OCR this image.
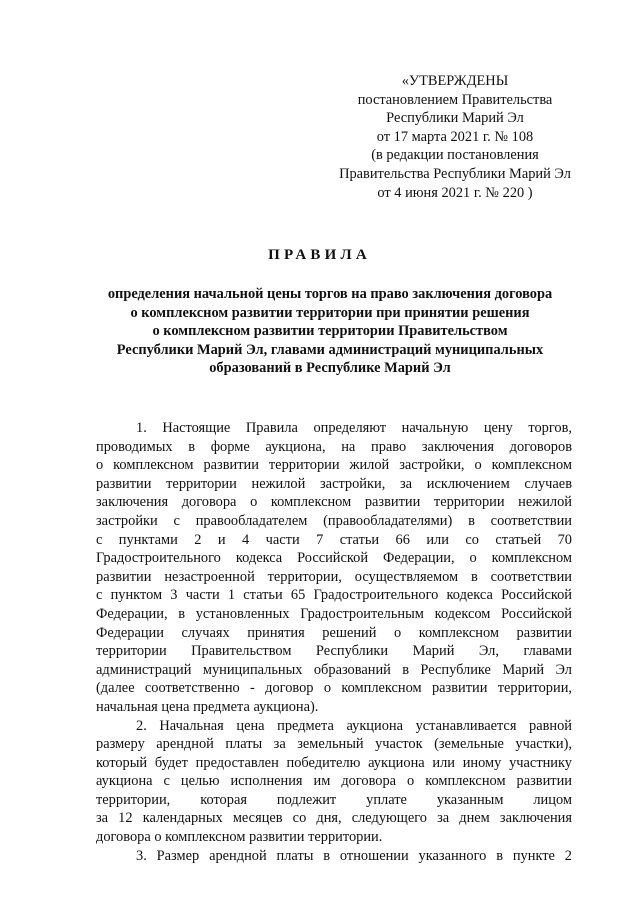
«УТВЕРЖДЕНЫ
постановлением Правительства
Республики Марий Эл
от 17 марта 2021 г. № 108
(в редакции постановления
Правительства Республики Марий Эл
от 4 июня 2021 г. № 220 )
ПРАВИЛА
определения начальной цены торгов на право заключения договора
о комплексном развитии территории при принятии решения
о комплексном развитии территории Правительством
Республики Марий Эл, главами администраций муниципальных
образований в Республике Марий Эл
1. Настоящие Правила определяют начальную цену торгов,
проводимых в форме аукциона, на право заключения договоров
о комплексном развитии территории жилой застройки, о комплексном
развитии территории нежилой застройки, за исключением случаев
заключения договора о комплексном развитии территории нежилой
застройки с правообладателем (правообладателями) в соответствии
с пунктами 2 и 4 части 7 статьи 66 или со статьей 70
Градостроительного кодекса Российской Федерации, о комплексном
развитии незастроенной территории, осуществляемом в соответствии
с пунктом 3 части 1 статьи 65 Градостроительного кодекса Российской
Федерации, в установленных Градостроительным кодексом Российской
Федерации случаях принятия решений о комплексном развитии
территории Правительством Республики Марий Эл, главами
администраций муниципальных образований в Республике Марий Эл
(далее соответственно - договор о комплексном развитии территории,
начальная цена предмета аукциона).
2. Начальная цена предмета аукциона устанавливается равной
размеру арендной платы за земельный участок (земельные участки),
который будет предоставлен победителю аукциона или иному участнику
аукциона с целью исполнения им договора о комплексном развитии
территории, которая подлежит уплате указанным лицом
за 12 календарных месяцев со дня, следующего за днем заключения
договора о комплексном развитии территории.
3. Размер арендной платы в отношении указанного в пункте 2
